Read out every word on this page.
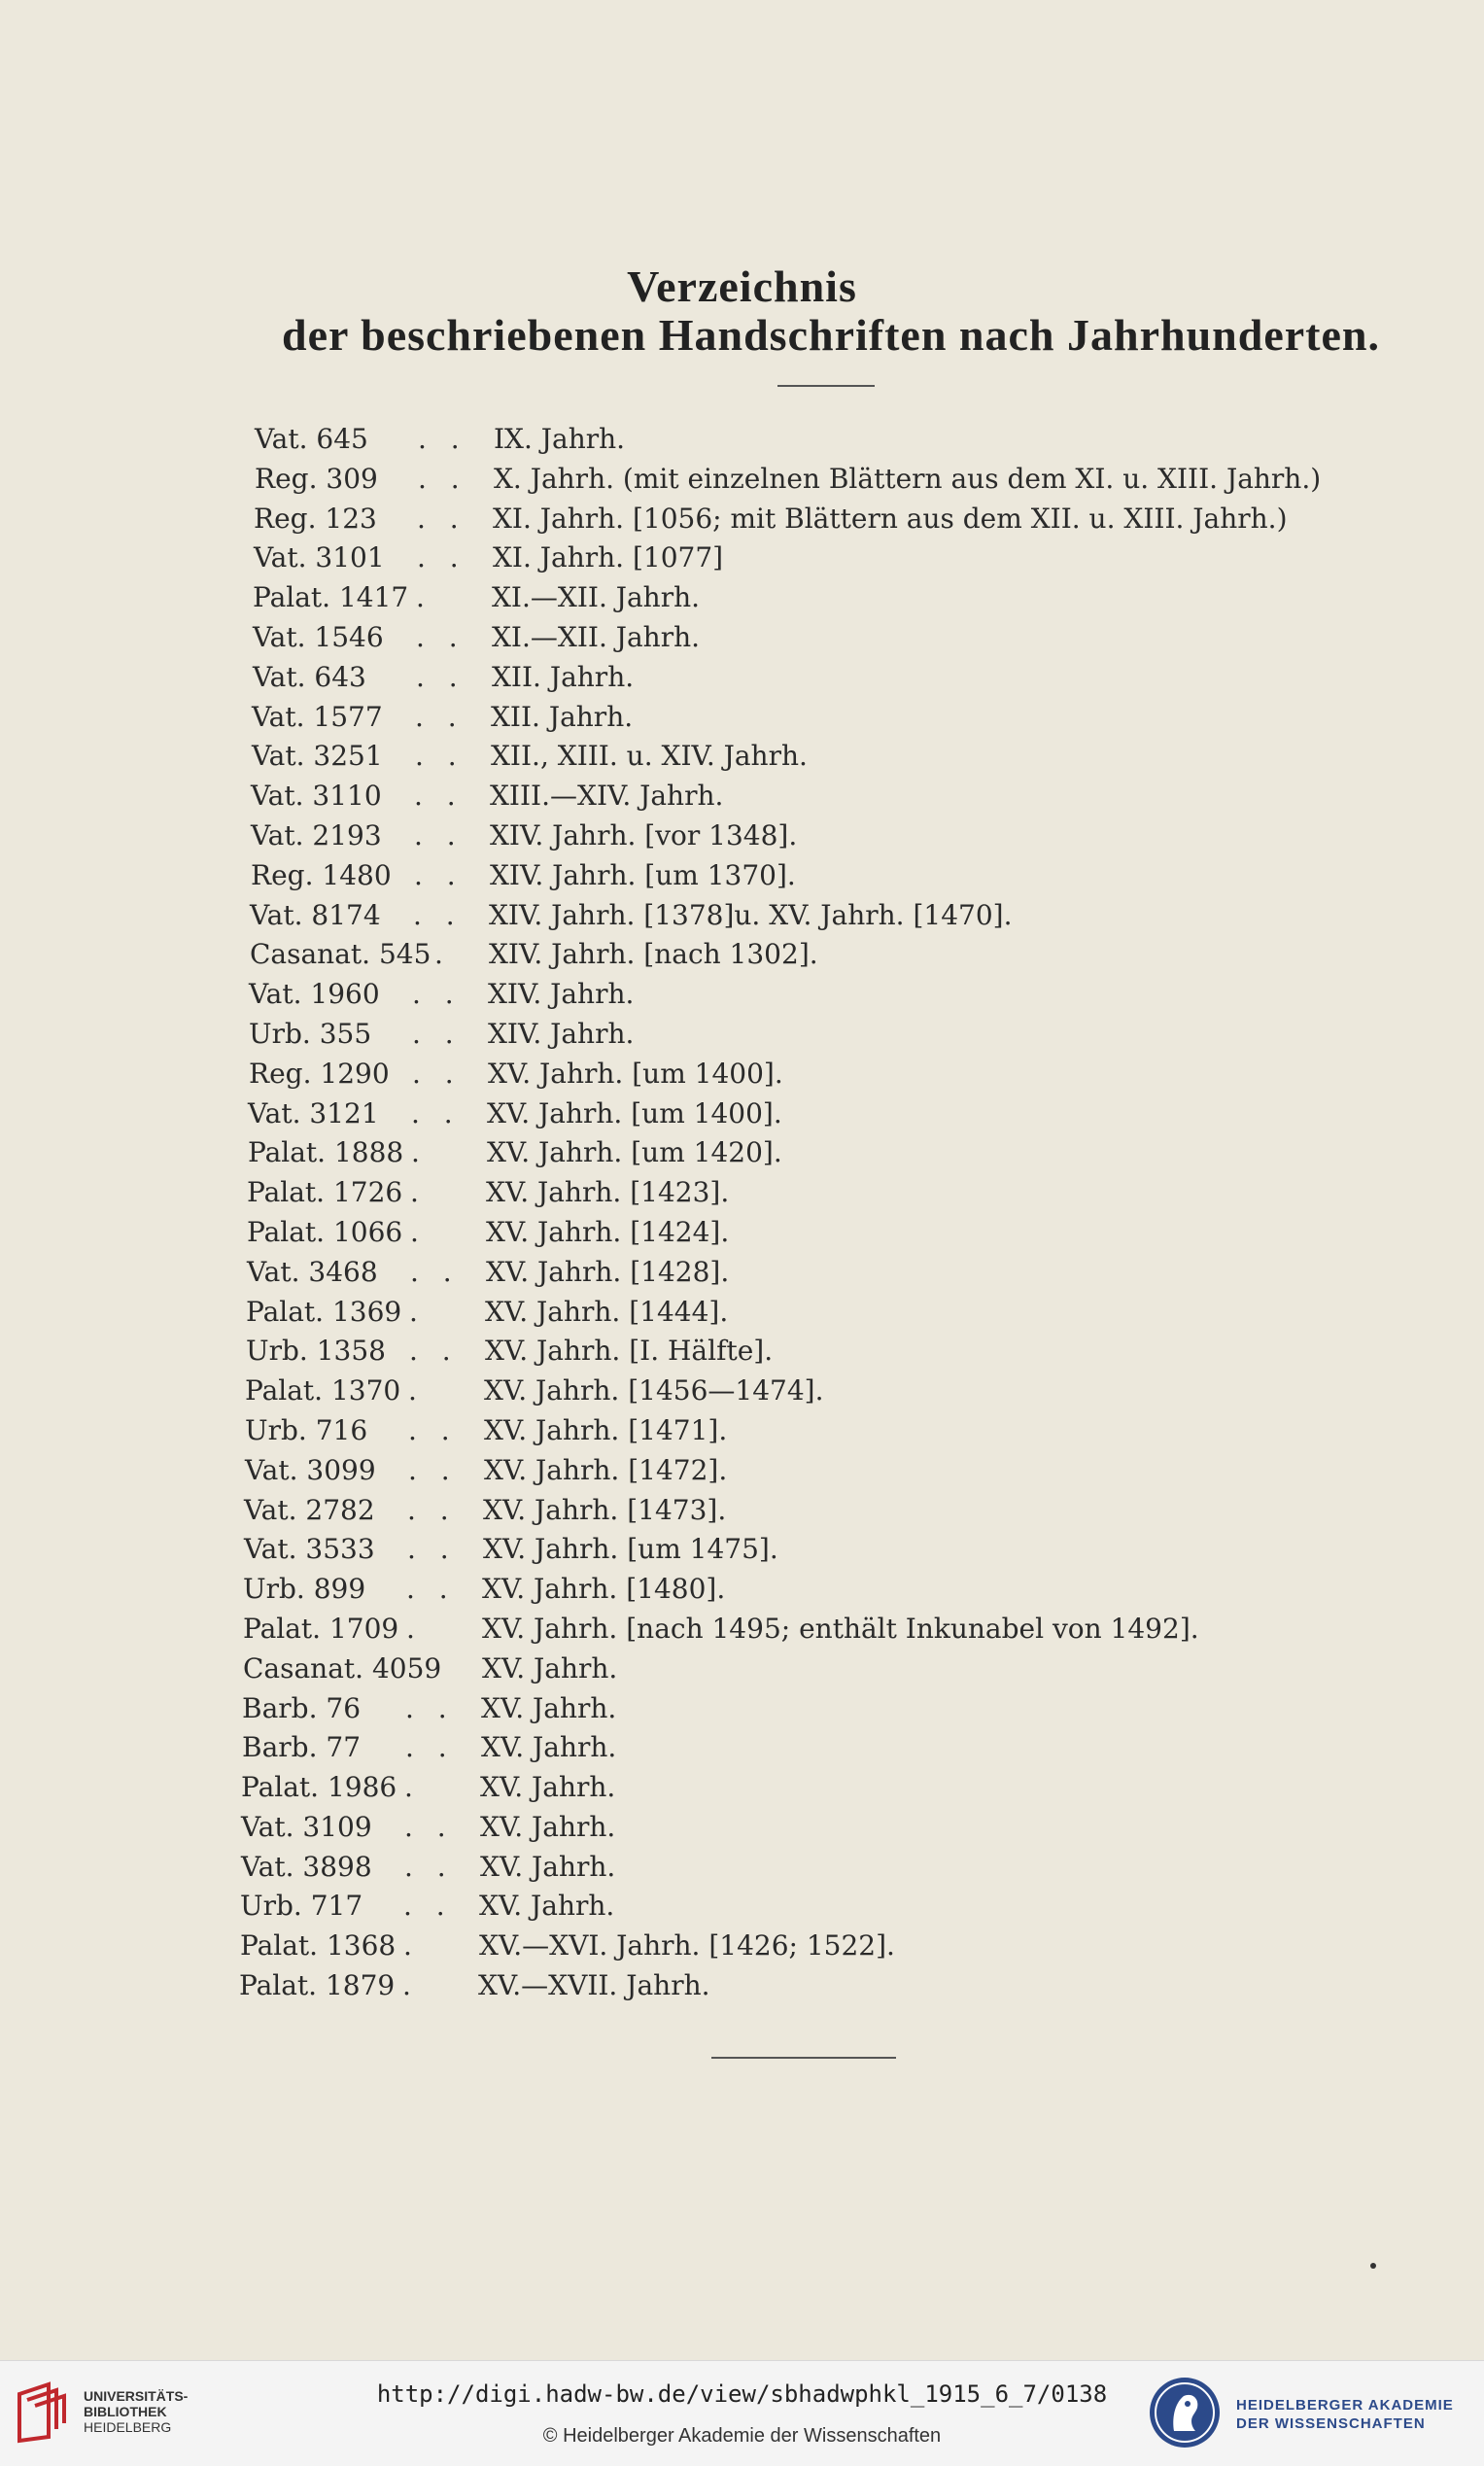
Verzeichnis
der beschriebenen Handschriften nach Jahrhunderten.
Vat. 645	. . IX. Jahrh.
Reg. 309	. . X. Jahrh. (mit einzelnen Blättern aus dem XI. u. XIII. Jahrh.)
Reg. 123	. . XI. Jahrh. [1056; mit Blättern aus dem XII. u. XIII. Jahrh.)
Vat. 3101	. . XI. Jahrh. [1077]
Palat. 1417 .	XI.—XII. Jahrh.
Vat. 1546	. . XI.—XII. Jahrh.
Vat. 643	. . XII. Jahrh.
Vat. 1577	. . XII. Jahrh.
Vat. 3251	. . XII., XIII. u. XIV. Jahrh.
Vat. 3110	. . XIII.—XIV. Jahrh.
Vat. 2193	. . XIV. Jahrh. [vor 1348].
Reg. 1480 . . XIV. Jahrh. [um 1370].
Vat. 8174	. . XIV. Jahrh. [1378]u. XV. Jahrh. [1470].
Casanat. 545 .	XIV. Jahrh. [nach 1302].
Vat. 1960	. . XIV. Jahrh.
Urb. 355	. . XIV. Jahrh.
Reg. 1290 . . XV. Jahrh. [um 1400].
Vat. 3121	. . XV. Jahrh. [um 1400].
Palat. 1888 .	XV. Jahrh. [um 1420].
Palat. 1726 .	XV. Jahrh. [1423].
Palat. 1066 .	XV. Jahrh. [1424].
Vat. 3468	. . XV. Jahrh. [1428].
Palat. 1369 .	XV. Jahrh. [1444].
Urb. 1358 . . XV. Jahrh. [I. Hälfte].
Palat. 1370 .	XV. Jahrh. [1456—1474].
Urb. 716	. . XV. Jahrh. [1471].
Vat. 3099	. . XV. Jahrh. [1472].
Vat. 2782	. . XV. Jahrh. [1473].
Vat. 3533	. . XV. Jahrh. [um 1475].
Urb. 899	. . XV. Jahrh. [1480].
Palat. 1709 .	XV. Jahrh. [nach 1495; enthält Inkunabel von 1492].
Casanat. 4059	XV. Jahrh.
Barb. 76	. . XV. Jahrh.
Barb. 77	. . XV. Jahrh.
Palat. 1986 .	XV. Jahrh.
Vat. 3109	. . XV. Jahrh.
Vat. 3898	. . XV. Jahrh.
Urb. 717	. . XV. Jahrh.
Palat. 1368 .	XV.—XVI. Jahrh. [1426; 1522].
Palat. 1879 .	XV.—XVII. Jahrh.
UNIVERSITÄTS-
BIBLIOTHEK
HEIDELBERG
http://digi.hadw-bw.de/view/sbhadwphkl_1915_6_7/0138
© Heidelberger Akademie der Wissenschaften
HEIDELBERGER AKADEMIE
DER WISSENSCHAFTEN
